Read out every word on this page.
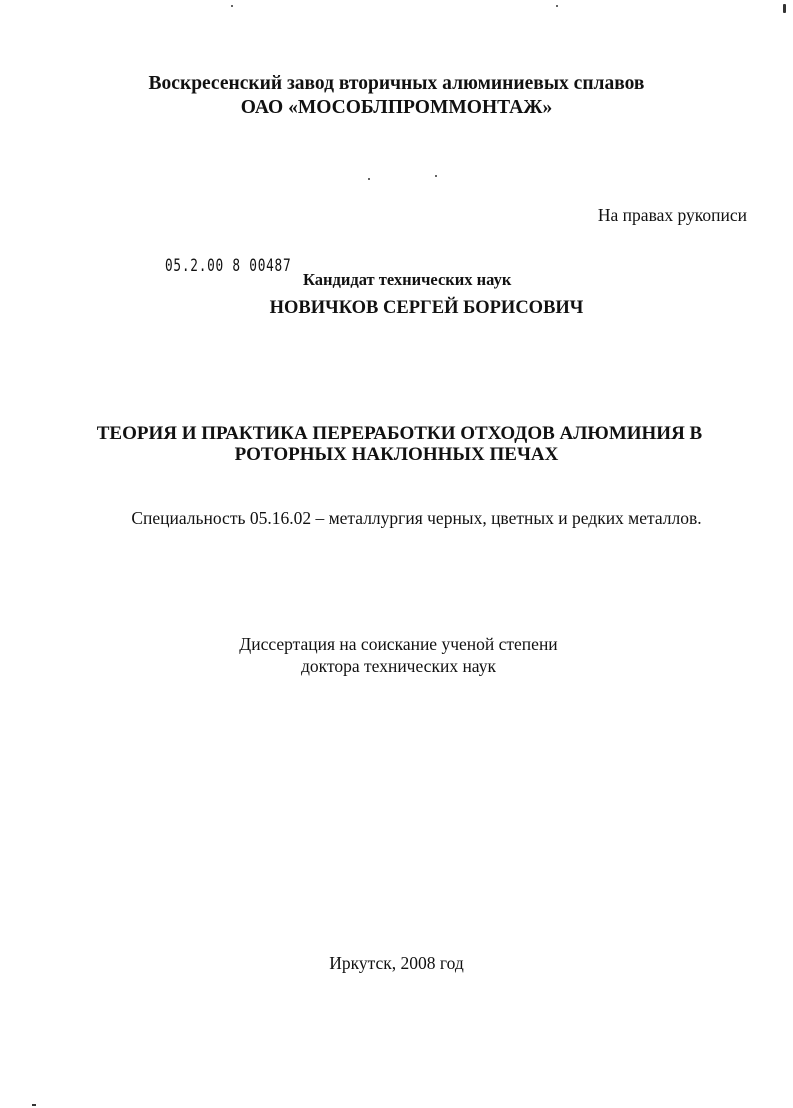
Воскресенский завод вторичных алюминиевых сплавов
ОАО «МОСОБЛПРОММОНТАЖ»
На правах рукописи
05.2.00 8 00487
Кандидат технических наук
НОВИЧКОВ СЕРГЕЙ БОРИСОВИЧ
ТЕОРИЯ И ПРАКТИКА ПЕРЕРАБОТКИ ОТХОДОВ АЛЮМИНИЯ В
РОТОРНЫХ НАКЛОННЫХ ПЕЧАХ
Специальность 05.16.02 – металлургия черных, цветных и редких металлов.
Диссертация на соискание ученой степени
доктора технических наук
Иркутск, 2008 год
